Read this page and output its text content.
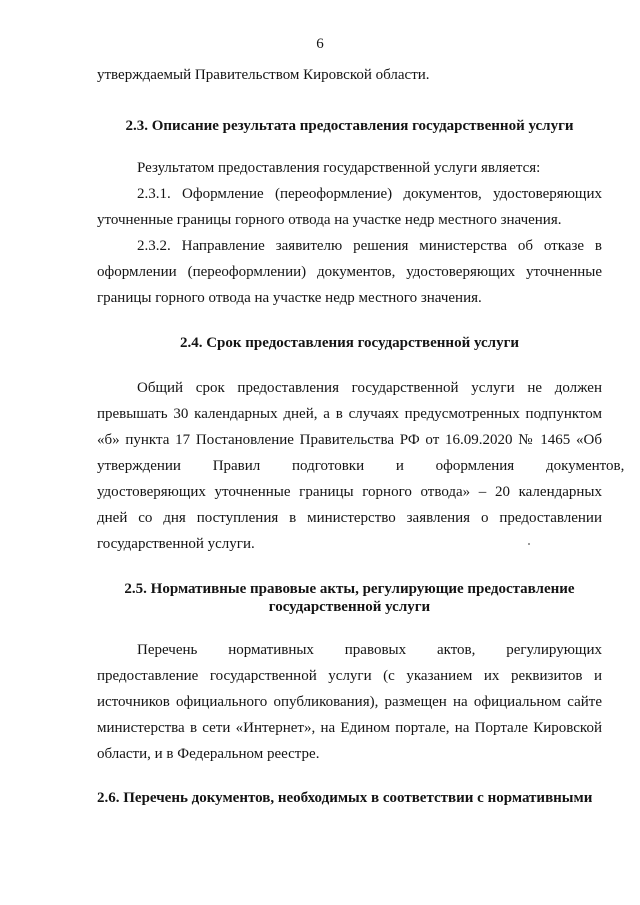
6
утверждаемый Правительством Кировской области.
2.3. Описание результата предоставления государственной услуги
Результатом предоставления государственной услуги является:
2.3.1. Оформление (переоформление) документов, удостоверяющих
уточненные границы горного отвода на участке недр местного значения.
2.3.2. Направление заявителю решения министерства об отказе в
оформлении (переоформлении) документов, удостоверяющих уточненные
границы горного отвода на участке недр местного значения.
2.4. Срок предоставления государственной услуги
Общий срок предоставления государственной услуги не должен
превышать 30 календарных дней, а в случаях предусмотренных подпунктом
«б» пункта 17 Постановление Правительства РФ от 16.09.2020 № 1465 «Об
утверждении Правил подготовки и оформления документов,
удостоверяющих уточненные границы горного отвода» – 20 календарных
дней со дня поступления в министерство заявления о предоставлении
государственной услуги.
2.5. Нормативные правовые акты, регулирующие предоставление
государственной услуги
Перечень нормативных правовых актов, регулирующих
предоставление государственной услуги (с указанием их реквизитов и
источников официального опубликования), размещен на официальном сайте
министерства в сети «Интернет», на Едином портале, на Портале Кировской
области, и в Федеральном реестре.
2.6. Перечень документов, необходимых в соответствии с нормативными
